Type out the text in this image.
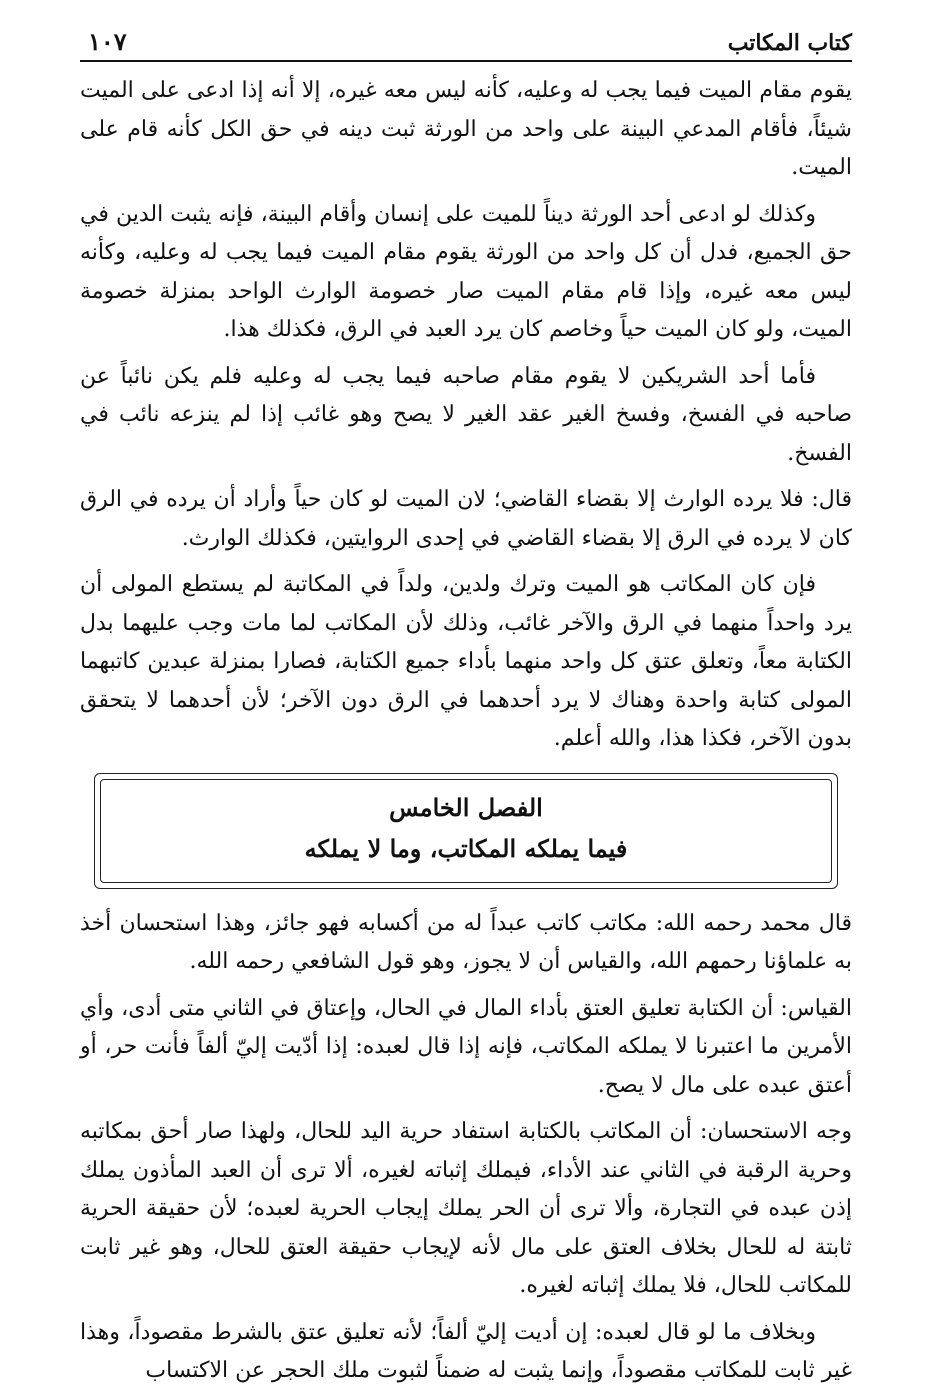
كتاب المكاتب
١٠٧

يقوم مقام الميت فيما يجب له وعليه، كأنه ليس معه غيره، إلا أنه إذا ادعى على الميت شيئاً، فأقام المدعي البينة على واحد من الورثة ثبت دينه في حق الكل كأنه قام على الميت.

وكذلك لو ادعى أحد الورثة ديناً للميت على إنسان وأقام البينة، فإنه يثبت الدين في حق الجميع، فدل أن كل واحد من الورثة يقوم مقام الميت فيما يجب له وعليه، وكأنه ليس معه غيره، وإذا قام مقام الميت صار خصومة الوارث الواحد بمنزلة خصومة الميت، ولو كان الميت حياً وخاصم كان يرد العبد في الرق، فكذلك هذا.

فأما أحد الشريكين لا يقوم مقام صاحبه فيما يجب له وعليه فلم يكن نائباً عن صاحبه في الفسخ، وفسخ الغير عقد الغير لا يصح وهو غائب إذا لم ينزعه نائب في الفسخ.

قال: فلا يرده الوارث إلا بقضاء القاضي؛ لان الميت لو كان حياً وأراد أن يرده في الرق كان لا يرده في الرق إلا بقضاء القاضي في إحدى الروايتين، فكذلك الوارث.

فإن كان المكاتب هو الميت وترك ولدين، ولداً في المكاتبة لم يستطع المولى أن يرد واحداً منهما في الرق والآخر غائب، وذلك لأن المكاتب لما مات وجب عليهما بدل الكتابة معاً، وتعلق عتق كل واحد منهما بأداء جميع الكتابة، فصارا بمنزلة عبدين كاتبهما المولى كتابة واحدة وهناك لا يرد أحدهما في الرق دون الآخر؛ لأن أحدهما لا يتحقق بدون الآخر، فكذا هذا، والله أعلم.

الفصل الخامس
فيما يملكه المكاتب، وما لا يملكه

قال محمد رحمه الله: مكاتب كاتب عبداً له من أكسابه فهو جائز، وهذا استحسان أخذ به علماؤنا رحمهم الله، والقياس أن لا يجوز، وهو قول الشافعي رحمه الله.

القياس: أن الكتابة تعليق العتق بأداء المال في الحال، وإعتاق في الثاني متى أدى، وأي الأمرين ما اعتبرنا لا يملكه المكاتب، فإنه إذا قال لعبده: إذا أدّيت إليّ ألفاً فأنت حر، أو أعتق عبده على مال لا يصح.

وجه الاستحسان: أن المكاتب بالكتابة استفاد حرية اليد للحال، ولهذا صار أحق بمكاتبه وحرية الرقبة في الثاني عند الأداء، فيملك إثباته لغيره، ألا ترى أن العبد المأذون يملك إذن عبده في التجارة، وألا ترى أن الحر يملك إيجاب الحرية لعبده؛ لأن حقيقة الحرية ثابتة له للحال بخلاف العتق على مال لأنه لإيجاب حقيقة العتق للحال، وهو غير ثابت للمكاتب للحال، فلا يملك إثباته لغيره.

وبخلاف ما لو قال لعبده: إن أديت إليّ ألفاً؛ لأنه تعليق عتق بالشرط مقصوداً، وهذا غير ثابت للمكاتب مقصوداً، وإنما يثبت له ضمناً لثبوت ملك الحجر عن الاكتساب
